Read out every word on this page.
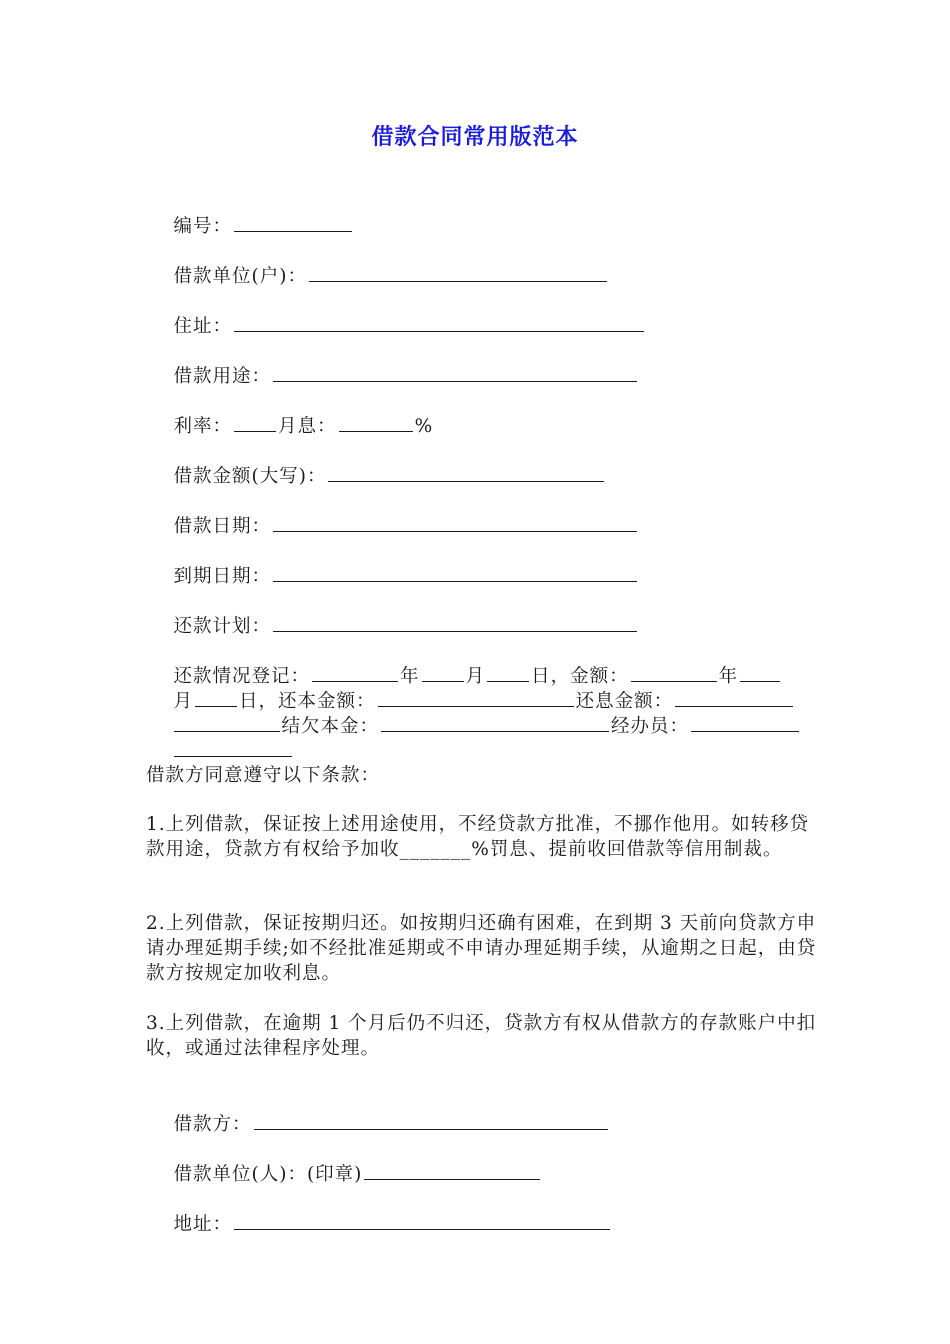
借款合同常用版范本

编号：

借款单位(户)：

住址：

借款用途：

利率： 月息：	%

借款金额(大写)：

借款日期：

到期日期：

还款计划：

还款情况登记：	年 月 日，金额：	年

月 日，还本金额：	还息金额：

结欠本金：	经办员：

借款方同意遵守以下条款：
1.上列借款，保证按上述用途使用，不经贷款方批准，不挪作他用。如转移贷款用途，贷款方有权给予加收_______%罚息、提前收回借款等信用制裁。
2.上列借款，保证按期归还。如按期归还确有困难，在到期 3 天前向贷款方申请办理延期手续;如不经批准延期或不申请办理延期手续，从逾期之日起，由贷款方按规定加收利息。
3.上列借款，在逾期 1 个月后仍不归还，贷款方有权从借款方的存款账户中扣收，或通过法律程序处理。

借款方：

借款单位(人)：(印章)

地址：
